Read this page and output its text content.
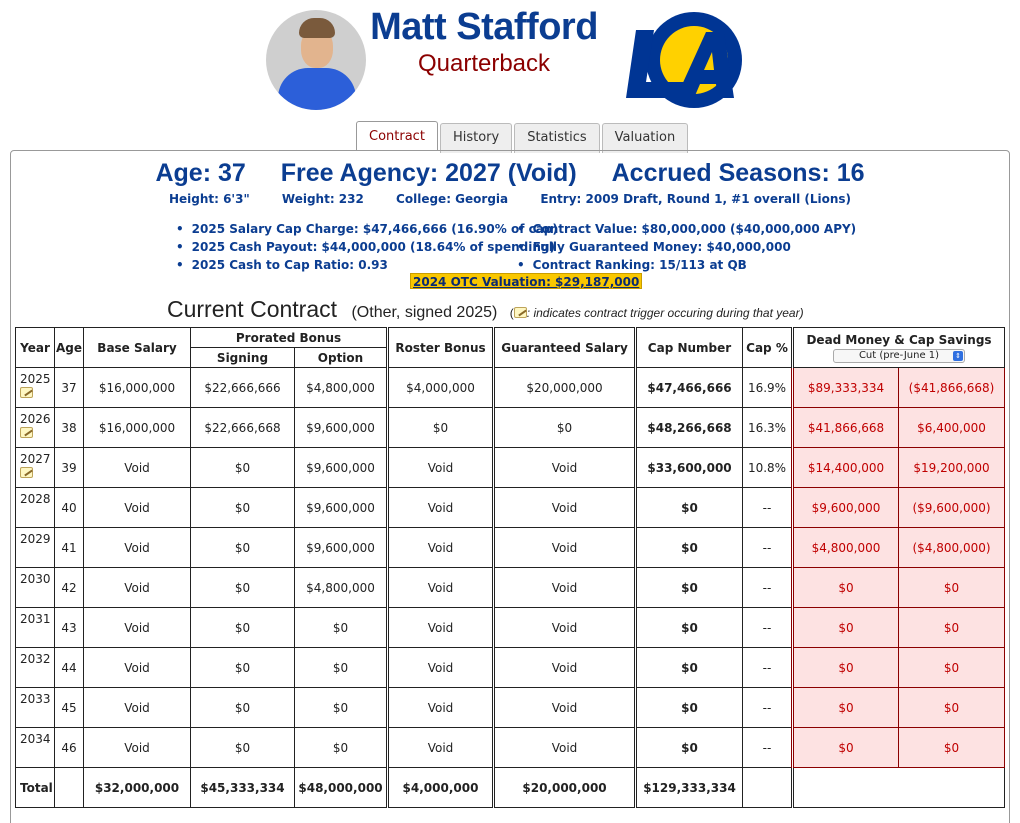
Matt Stafford
Quarterback
Contract	History	Statistics	Valuation
Age: 37 Free Agency: 2027 (Void) Accrued Seasons: 16
Height: 6'3"	Weight: 232	College: Georgia	Entry: 2009 Draft, Round 1, #1 overall (Lions)
• 2025 Salary Cap Charge: $47,466,666 (16.90% of cap)
• 2025 Cash Payout: $44,000,000 (18.64% of spending)
• 2025 Cash to Cap Ratio: 0.93
• Contract Value: $80,000,000 ($40,000,000 APY)
• Fully Guaranteed Money: $40,000,000
• Contract Ranking: 15/113 at QB
2024 OTC Valuation: $29,187,000
Current Contract (Other, signed 2025) ( : indicates contract trigger occuring during that year)
Year	Age	Base Salary	Prorated Bonus		Roster Bonus	Guaranteed Salary	Cap Number	Cap %	Dead Money & Cap Savings
Cut (pre-June 1) ⇕	

			Signing	Option						

2025	37	$16,000,000	$22,666,666	$4,800,000	$4,000,000	$20,000,000	$47,466,666	16.9%	$89,333,334	($41,866,668)

2026	38	$16,000,000	$22,666,668	$9,600,000	$0	$0	$48,266,668	16.3%	$41,866,668	$6,400,000

2027	39	Void	$0	$9,600,000	Void	Void	$33,600,000	10.8%	$14,400,000	$19,200,000

2028	40	Void	$0	$9,600,000	Void	Void	$0	--	$9,600,000	($9,600,000)

2029	41	Void	$0	$9,600,000	Void	Void	$0	--	$4,800,000	($4,800,000)

2030	42	Void	$0	$4,800,000	Void	Void	$0	--	$0	$0

2031	43	Void	$0	$0	Void	Void	$0	--	$0	$0

2032	44	Void	$0	$0	Void	Void	$0	--	$0	$0

2033	45	Void	$0	$0	Void	Void	$0	--	$0	$0

2034	46	Void	$0	$0	Void	Void	$0	--	$0	$0
Total		$32,000,000	$45,333,334	$48,000,000	$4,000,000	$20,000,000	$129,333,334			
